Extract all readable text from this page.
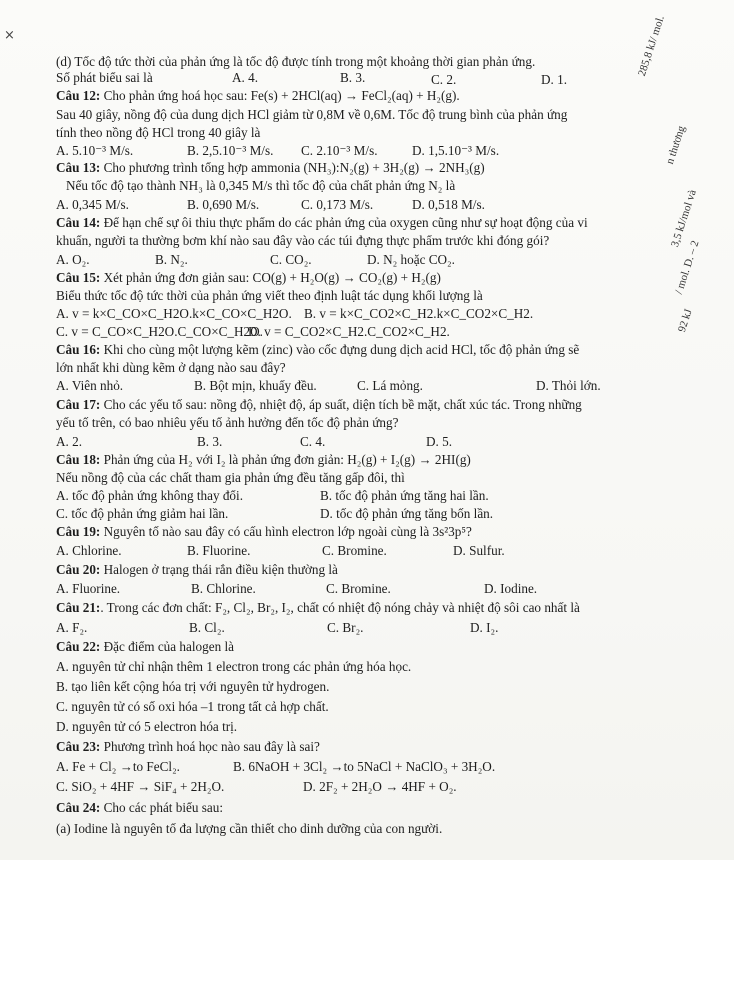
×
(d) Tốc độ tức thời của phản ứng là tốc độ được tính trong một khoảng thời gian phản ứng.
Số phát biểu sai là	A. 4.	B. 3.	C. 2.	D. 1.
Câu 12: Cho phản ứng hoá học sau: Fe(s) + 2HCl(aq) → FeCl₂(aq) + H₂(g).
Sau 40 giây, nồng độ của dung dịch HCl giảm từ 0,8M về 0,6M. Tốc độ trung bình của phản ứng
tính theo nồng độ HCl trong 40 giây là
A. 5.10⁻³ M/s.	B. 2,5.10⁻³ M/s. C. 2.10⁻³ M/s.	D. 1,5.10⁻³ M/s.
Câu 13: Cho phương trình tổng hợp ammonia (NH₃):N₂(g) + 3H₂(g) → 2NH₃(g)
Nếu tốc độ tạo thành NH₃ là 0,345 M/s thì tốc độ của chất phản ứng N₂ là
A. 0,345 M/s.	B. 0,690 M/s.	C. 0,173 M/s.	D. 0,518 M/s.
Câu 14: Để hạn chế sự ôi thiu thực phẩm do các phản ứng của oxygen cũng như sự hoạt động của vi
khuẩn, người ta thường bơm khí nào sau đây vào các túi đựng thực phẩm trước khi đóng gói?
A. O₂.	B. N₂.	C. CO₂.	D. N₂ hoặc CO₂.
Câu 15: Xét phản ứng đơn giản sau: CO(g) + H₂O(g) → CO₂(g) + H₂(g)
Biểu thức tốc độ tức thời của phản ứng viết theo định luật tác dụng khối lượng là
A. v = k×C_CO×C_H2O.k×C_CO×C_H2O. B. v = k×C_CO2×C_H2.k×C_CO2×C_H2.
C. v = C_CO×C_H2O.C_CO×C_H2O.
D. v = C_CO2×C_H2.C_CO2×C_H2.
Câu 16: Khi cho cùng một lượng kẽm (zinc) vào cốc đựng dung dịch acid HCl, tốc độ phản ứng sẽ
lớn nhất khi dùng kẽm ở dạng nào sau đây?
A. Viên nhỏ.	B. Bột mịn, khuấy đều.	C. Lá mỏng.	D. Thỏi lớn.
Câu 17: Cho các yếu tố sau: nồng độ, nhiệt độ, áp suất, diện tích bề mặt, chất xúc tác. Trong những
yếu tố trên, có bao nhiêu yếu tố ảnh hưởng đến tốc độ phản ứng?
A. 2.	B. 3.	C. 4.	D. 5.
Câu 18: Phản ứng của H₂ với I₂ là phản ứng đơn giản: H₂(g) + I₂(g) → 2HI(g)
Nếu nồng độ của các chất tham gia phản ứng đều tăng gấp đôi, thì
A. tốc độ phản ứng không thay đổi.	B. tốc độ phản ứng tăng hai lần.
C. tốc độ phản ứng giảm hai lần.	D. tốc độ phản ứng tăng bốn lần.
Câu 19: Nguyên tố nào sau đây có cấu hình electron lớp ngoài cùng là 3s²3p⁵?
A. Chlorine.	B. Fluorine.	C. Bromine.	D. Sulfur.
Câu 20: Halogen ở trạng thái rắn điều kiện thường là
A. Fluorine.	B. Chlorine.	C. Bromine.	D. Iodine.
Câu 21:. Trong các đơn chất: F₂, Cl₂, Br₂, I₂, chất có nhiệt độ nóng chảy và nhiệt độ sôi cao nhất là
A. F₂.	B. Cl₂.	C. Br₂.	D. I₂.
Câu 22: Đặc điểm của halogen là
A. nguyên tử chỉ nhận thêm 1 electron trong các phản ứng hóa học.
B. tạo liên kết cộng hóa trị với nguyên tử hydrogen.
C. nguyên tử có số oxi hóa –1 trong tất cả hợp chất.
D. nguyên tử có 5 electron hóa trị.
Câu 23: Phương trình hoá học nào sau đây là sai?
A. Fe + Cl₂ →to FeCl₂.	B. 6NaOH + 3Cl₂ →to 5NaCl + NaClO₃ + 3H₂O.
C. SiO₂ + 4HF → SiF₄ + 2H₂O.	D. 2F₂ + 2H₂O → 4HF + O₂.
Câu 24: Cho các phát biểu sau:
(a) Iodine là nguyên tố đa lượng cần thiết cho dinh dưỡng của con người.
285,8 kJ/ mol.
n thương
3,5 kJ/mol và
/ mol. D. – 2
92 kJ
